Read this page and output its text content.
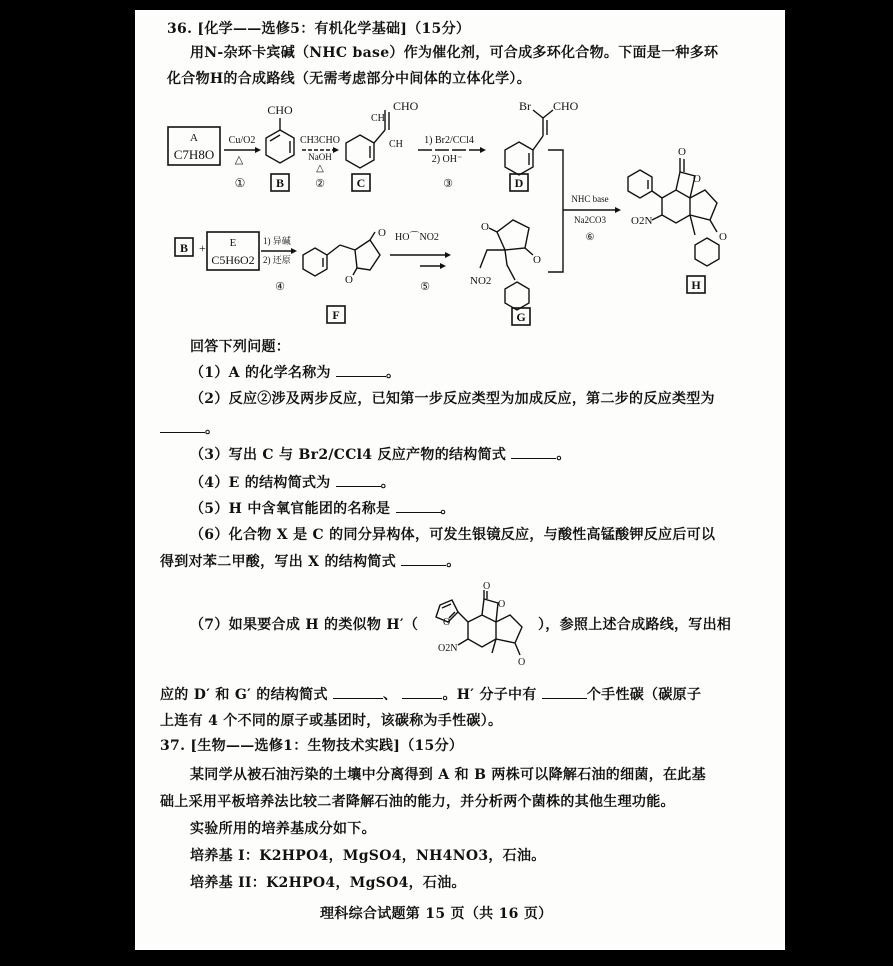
36. [化学——选修5：有机化学基础]（15分）
用N-杂环卡宾碱（NHC base）作为催化剂，可合成多环化合物。下面是一种多环
化合物H的合成路线（无需考虑部分中间体的立体化学）。
A
C7H8O
Cu/O2
△
①
CHO
B
CH3CHO
NaOH
△
②
CH
CHO
CH
C
1) Br2/CCl4
2) OH⁻
③
Br CHO
D
NHC base
Na2CO3
⑥
O
O
O
O2N
H
B + E
C5H6O2
1) 异碱
2) 还原
④
O
O
F
HO⌒NO2
⑤
O
O
NO2
G
回答下列问题：
（1）A 的化学名称为	。
（2）反应②涉及两步反应，已知第一步反应类型为加成反应，第二步的反应类型为
。
（3）写出 C 与 Br2/CCl4 反应产物的结构简式	。
（4）E 的结构简式为	。
（5）H 中含氧官能团的名称是	。
（6）化合物 X 是 C 的同分异构体，可发生银镜反应，与酸性高锰酸钾反应后可以
得到对苯二甲酸，写出 X 的结构简式	。
（7）如果要合成 H 的类似物 H′（
O
O
O
O
O2N
），参照上述合成路线，写出相
应的 D′ 和 G′ 的结构简式	、	。H′ 分子中有	个手性碳（碳原子
上连有 4 个不同的原子或基团时，该碳称为手性碳）。
37. [生物——选修1：生物技术实践]（15分）
某同学从被石油污染的土壤中分离得到 A 和 B 两株可以降解石油的细菌，在此基
础上采用平板培养法比较二者降解石油的能力，并分析两个菌株的其他生理功能。
实验所用的培养基成分如下。
培养基 I：K2HPO4，MgSO4，NH4NO3，石油。
培养基 II：K2HPO4，MgSO4，石油。
理科综合试题第 15 页（共 16 页）
